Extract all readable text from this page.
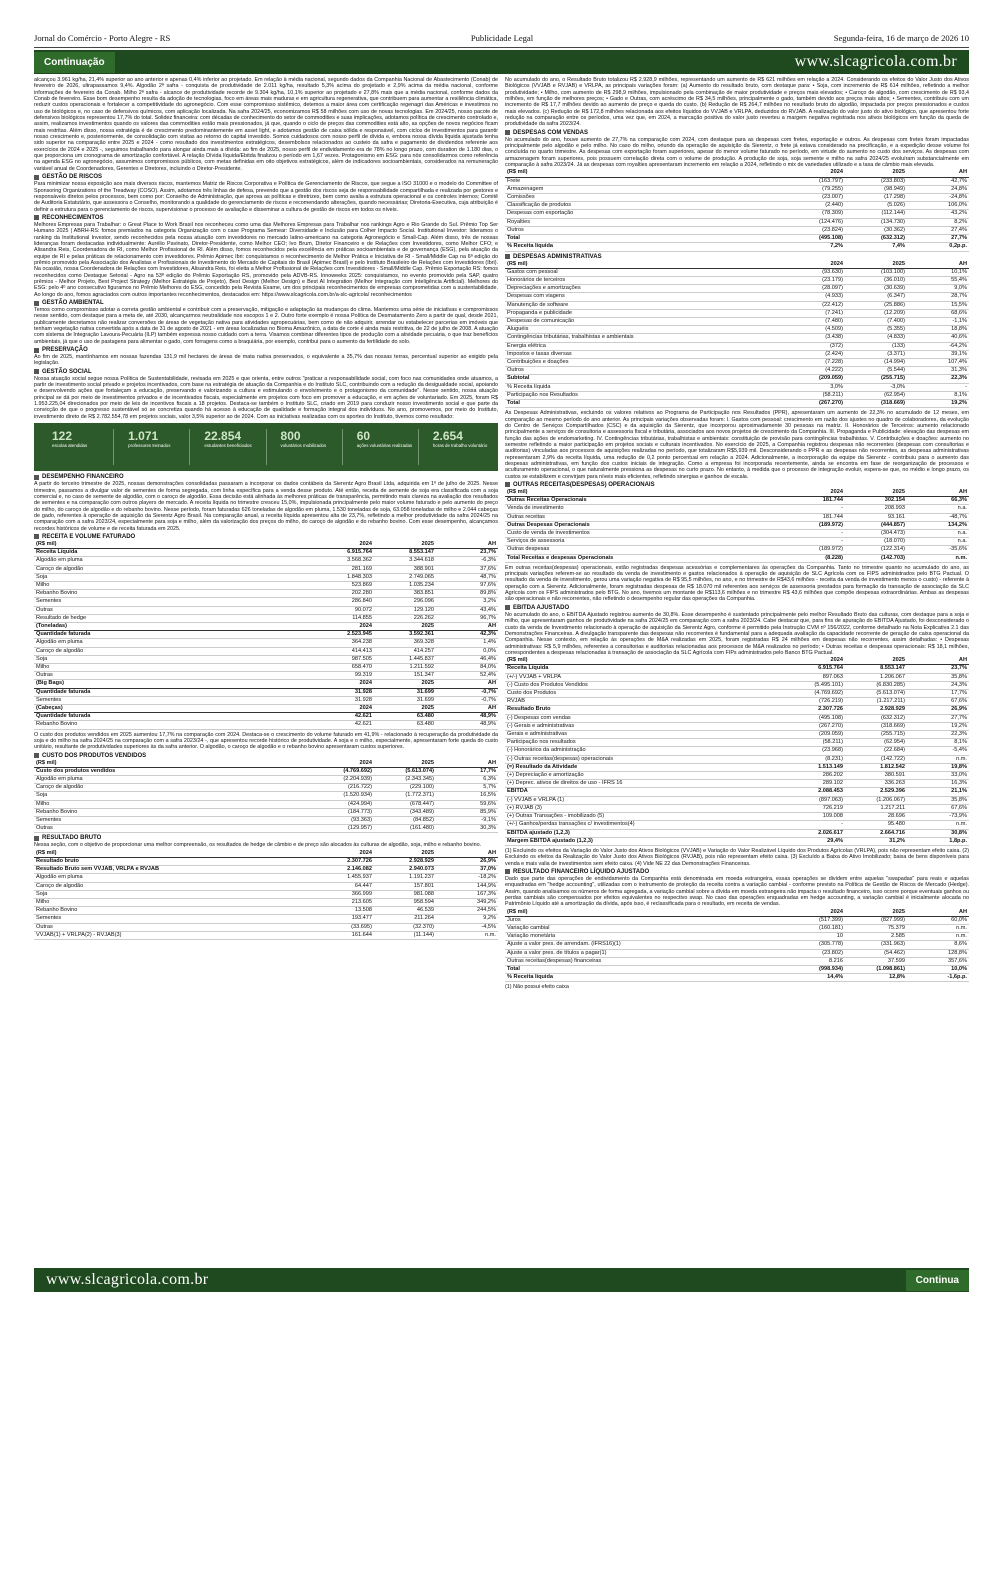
Jornal do Comércio - Porto Alegre - RS	Publicidade Legal	Segunda-feira, 16 de março de 2026 10
Continuação	www.slcagricola.com.br

alcançou 3.961 kg/ha, 21,4% superior ao ano anterior e apenas 0,4% inferior ao projetado. Em relação à média nacional, segundo dados da Companhia Nacional de Abastecimento (Conab) de fevereiro de 2026, ultrapassamos 9,4%. Algodão 2ª safra - conquista de produtividade de 2.011 kg/ha, resultado 5,3% acima do projetado e 2,9% acima da média nacional, conforme informações de fevereiro da Conab. Milho 2ª safra - alcance de produtividade recorde de 9.304 kg/ha, 10,1% superior ao projetado e 27,8% mais que a média nacional, conforme dados da Conab de fevereiro. Esse bom desempenho resulta da adoção de tecnologias, foco em áreas mais maduras e em agricultura regenerativa, que contribuem para aumentar a resiliência climática, reduzir custos operacionais e fortalecer a competitividade do agronegócio. Com esse compromisso sistêmico, detemos a maior área com certificação regenagri das Américas e investimos no uso de biológicos e, no caso de defensivos químicos, com aplicação localizada. Na safra 2024/25, economizamos R$ 58 milhões com uso de novas tecnologias. Em 2024/25, nosso pacote de defensivos biológicos representou 17,7% do total. Solidez financeira: com décadas de conhecimento do setor de commodities e suas implicações, adotamos política de crescimento controlado e, assim, realizamos investimentos quando os valores das commodities estão mais pressionados, já que, quando o ciclo de preços das commodities está alto, as opções de novos negócios ficam mais restritas. Além disso, nossa estratégia é de crescimento predominantemente em asset light, e adotamos gestão de caixa sólida e responsável, com ciclos de investimentos para garantir nosso crescimento e, posteriormente, de consolidação com visitas ao retorno do capital investido. Somos cuidadosos com nosso perfil de dívida e, embora nossa dívida líquida ajustada tenha sido superior na comparação entre 2025 e 2024 - como resultado dos investimentos estratégicos, desembolsos relacionados ao custeio da safra e pagamento de dividendos referente aos exercícios de 2024 e 2025 -, seguimos trabalhando para alongar ainda mais a dívida: ao fim de 2025, nosso perfil de endividamento era de 78% no longo prazo, com duration de 1.180 dias, o que proporciona um cronograma de amortização confortável. A relação Dívida líquida/Ebitda finalizou o período em 1,67 vezes. Protagonismo em ESG: para nós consolidarmos como referência na agenda ESG no agronegócio, assumimos compromissos públicos, com metas definidas em oito objetivos estratégicos, além de indicadores socioambientais, considerados na remuneração variável anual de Coordenadores, Gerentes e Diretores, incluindo o Diretor-Presidente.

GESTÃO DE RISCOS

Para minimizar nossa exposição aos mais diversos riscos, mantemos Matriz de Riscos Corporativa e Política de Gerenciamento de Riscos, que segue a ISO 31000 e o modelo do Committee of Sponsoring Organizations of the Treadway (COSO). Assim, adotamos três linhas de defesa, prevendo que a gestão dos riscos seja de responsabilidade compartilhada e realizada por gestores e responsáveis diretos pelos processos, bem como por: Conselho de Administração, que aprova as políticas e diretrizes, bem como avalia a estrutura operacional e os controles internos; Comitê de Auditoria Estatutário, que assessora o Conselho, monitorando a qualidade do gerenciamento de riscos e recomendando alterações, quando necessárias; Diretoria-Executiva, cuja atribuição é definir a estrutura para o gerenciamento de riscos, supervisionar o processo de avaliação e disseminar a cultura de gestão de riscos em todos os níveis.

RECONHECIMENTOS

Melhores Empresas para Trabalhar: o Great Place to Work Brasil nos reconheceu como uma das Melhores Empresas para Trabalhar nos rankings Agro e Rio Grande do Sul. Prêmio Top Ser Humano 2025 | ABRH-RS: fomos premiados na categoria Organização com o case Programa Semear: Diversidade e Inclusão para Colher Impacto Social. Institutional Investor: lideramos o ranking da Institutional Investor, sendo reconhecidos pela nossa atuação com investidores no mercado latino-americano na categoria Agronegócio e Small-Cap. Além disso, três de nossas lideranças foram destacadas individualmente: Aurélio Pavinato, Diretor-Presidente, como Melhor CEO; Ivo Brum, Diretor Financeiro e de Relações com Investidores, como Melhor CFO; e Alisandra Reis, Coordenadora de RI, como Melhor Profissional de RI. Além disso, fomos reconhecidos pela excelência em práticas socioambientais e de governança (ESG), pela atuação da equipe de RI e pelas práticas de relacionamento com investidores. Prêmio Apimec Ibri: conquistamos o reconhecimento de Melhor Prática e Iniciativa de RI - Small/Middle Cap na 6ª edição do prêmio promovido pela Associação dos Analistas e Profissionais de Investimento do Mercado de Capitais do Brasil (Apimec Brasil) e pelo Instituto Brasileiro de Relações com Investidores (Ibri). Na ocasião, nossa Coordenadora de Relações com Investidores, Alisandra Reis, foi eleita a Melhor Profissional de Relações com Investidores - Small/Middle Cap. Prêmio Exportação RS: fomos reconhecidos como Destaque Setorial - Agro na 53ª edição do Prêmio Exportação RS, promovido pela ADVB-RS. Innoweeks 2025: conquistamos, no evento promovido pela SAP, quatro prêmios - Melhor Projeto, Best Project Strategy (Melhor Estratégia de Projeto), Best Design (Melhor Design) e Best AI Integration (Melhor Integração com Inteligência Artificial). Melhores do ESG: pelo 4º ano consecutivo figuramos no Prêmio Melhores do ESG, concedido pela Revista Exame, um dos principais reconhecimentos de empresas comprometidas com a sustentabilidade. Ao longo do ano, fomos agraciados com outros importantes reconhecimentos, destacados em: https://www.slcagricola.com.br/a-slc-agricola/ reconhecimentos

GESTÃO AMBIENTAL

Temos como compromisso adotar a correta gestão ambiental e contribuir com a preservação, mitigação e adaptação às mudanças do clima. Mantemos uma série de iniciativas e compromissos nesse sentido, com destaque para a meta de, até 2030, alcançarmos neutralidade nos escopos 1 e 2. Outro forte exemplo é nossa Política de Desmatamento Zero a partir de qual, desde 2021, publicamente decretamos não realizar conversões de áreas de vegetação nativa para atividades agropecuárias, bem como de não adquirir, arrendar ou estabelecer parcerias em imóveis que tenham vegetação nativa convertida após a data de 31 de agosto de 2021 - em áreas localizadas no Bioma Amazônico, a data de corte é ainda mais restritiva, de 22 de julho de 2008. A atuação com sistema de Integração Lavoura-Pecuária (ILP) também expressa nosso cuidado com a terra. Visamos combinar diferentes tipos de produção com a atividade pecuária, o que traz benefícios ambientais, já que o uso de pastagens para alimentar o gado, com forragens como a braquiária, por exemplo, contribui para o aumento da fertilidade do solo.

PRESERVAÇÃO

Ao fim de 2025, mantínhamos em nossas fazendas 131,9 mil hectares de áreas de mata nativa preservados, o equivalente a 35,7% das nossas terras, percentual superior ao exigido pela legislação.

GESTÃO SOCIAL

Nossa atuação social segue nossa Política de Sustentabilidade, revisada em 2025 e que orienta, entre outros "praticar a responsabilidade social, com foco nas comunidades onde atuamos, a partir de investimento social privado e projetos incentivados, com base na estratégia de atuação da Companhia e do Instituto SLC, contribuindo com a redução da desigualdade social, apoiando e desenvolvendo ações que fortaleçam a educação, preservando e valorizando a cultura e estimulando o envolvimento e o protagonismo da comunidade". Nesse sentido, nossa atuação principal se dá por meio de investimentos privados e de incentivados fiscais, especialmente em projetos com foco em promover a educação, e em ações de voluntariado. Em 2025, foram R$ 1.953.225,04 direcionados por meio de leis de incentivos fiscais a 18 projetos. Destaca-se também o Instituto SLC, criado em 2019 para conduzir nosso investimento social e que parte da convicção de que o progresso sustentável só se concretiza quando há acesso à educação de qualidade e formação integral dos indivíduos. No ano, promovemos, por meio do Instituto, investimento direto de R$ 2.782.554,78 em projetos sociais, valor 3,5% superior ao de 2024. Com as iniciativas realizadas com os aportes do Instituto, tivemos como resultado:

122
escolas atendidas
1.071
professores treinados
22.854
estudantes beneficiados
800
voluntários mobilizados
60
ações voluntárias realizadas
2.654
horas de trabalho voluntário
DESEMPENHO FINANCEIRO

A partir do terceiro trimestre de 2025, nossas demonstrações consolidadas passaram a incorporar os dados contábeis da Sierentz Agro Brasil Ltda, adquirida em 1º de julho de 2025. Nesse trimestre, passamos a divulgar valor de sementes de forma segregada, com linha específica para a venda desse produto. Até então, receita de semente de soja era classificada com a soja comercial e, no caso de semente de algodão, com o caroço de algodão. Essa decisão está alinhada às melhores práticas de transparência, permitindo mais clareza na avaliação dos resultados de sementes e na comparação com outros players de mercado. A receita líquida no trimestre cresceu 15,0%, impulsionada principalmente pelo maior volume faturado e pelo aumento do preço do milho, do caroço de algodão e do rebanho bovino. Nesse período, foram faturadas 626 toneladas de algodão em pluma, 1.530 toneladas de soja, 63.058 toneladas de milho e 2.044 cabeças de gado, referentes à operação de aquisição da Sierentz Agro Brasil. Na comparação anual, a receita líquida apresentou alta de 23,7%, refletindo a melhor produtividade da safra 2024/25 na comparação com a safra 2023/24, especialmente para soja e milho, além da valorização dos preços do milho, do caroço de algodão e do rebanho bovino. Com esse desempenho, alcançamos recordes históricos de volume e de receita faturada em 2025.

RECEITA E VOLUME FATURADO
(R$ mil)	2024	2025	AH
Receita Líquida	6.915.764	8.553.147	23,7%
Algodão em pluma	3.568.362	3.344.618	-6,3%
Caroço de algodão	281.169	388.901	37,6%
Soja	1.848.303	2.749.065	48,7%
Milho	523.869	1.035.234	97,6%
Rebanho Bovino	202.280	383.851	89,8%
Sementes	286.840	296.096	3,2%
Outras	90.072	129.120	43,4%
Resultado de hedge	114.855	226.262	96,7%
(Toneladas)	2024	2025	AH
Quantidade faturada	2.523.945	3.592.361	42,3%
Algodão em pluma	364.238	369.328	1,4%
Caroço de algodão	414.413	414.257	0,0%
Soja	987.505	1.445.837	46,4%
Milho	658.470	1.211.592	84,0%
Outras	99.319	151.347	52,4%
(Big Bags)	2024	2025	AH
Quantidade faturada	31.928	31.699	-0,7%
Sementes	31.928	31.699	-0,7%
(Cabeças)	2024	2025	AH
Quantidade faturada	42.621	63.480	48,9%
Rebanho Bovino	42.621	63.480	48,9%

O custo dos produtos vendidos em 2025 aumentou 17,7% na comparação com 2024. Destaca-se o crescimento do volume faturado em 41,9% - relacionado à recuperação da produtividade da soja e do milho na safra 2024/25 na comparação com a safra 2023/24 -, que apresentou recorde histórico de produtividade. A soja e o milho, especialmente, apresentaram forte queda do custo unitário, resultante de produtividades superiores às da safra anterior. O algodão, o caroço de algodão e o rebanho bovino apresentaram custos superiores.

CUSTO DOS PRODUTOS VENDIDOS
(R$ mil)	2024	2025	AH
Custo dos produtos vendidos	(4.769.692)	(5.613.074)	17,7%
Algodão em pluma	(2.204.939)	(2.343.345)	6,3%
Caroço de algodão	(216.722)	(229.100)	5,7%
Soja	(1.520.934)	(1.772.371)	16,5%
Milho	(424.994)	(678.447)	59,6%
Rebanho Bovino	(184.773)	(343.489)	85,9%
Sementes	(93.363)	(84.852)	-9,1%
Outras	(129.957)	(161.480)	30,3%
RESULTADO BRUTO

Nessa seção, com o objetivo de proporcionar uma melhor compreensão, os resultados de hedge de câmbio e de preço são alocados às culturas de algodão, soja, milho e rebanho bovino.

(R$ mil)	2024	2025	AH
Resultado bruto	2.307.726	2.928.929	26,9%
Resultado Bruto sem VVJAB, VRLPA e RVJAB	2.146.082	2.940.073	37,0%
Algodão em pluma	1.455.937	1.191.237	-18,2%
Caroço de algodão	64.447	157.801	144,9%
Soja	366.999	981.088	167,3%
Milho	213.605	958.594	349,2%
Rebanho Bovino	13.508	46.539	244,5%
Sementes	193.477	211.264	9,2%
Outras	(33.695)	(32.370)	-4,5%
VVJAB(1) + VRLPA(2) - RVJAB(3)	161.644	(11.144)	n.m.

No acumulado do ano, o Resultado Bruto totalizou R$ 2.928,9 milhões, representando um aumento de R$ 621 milhões em relação a 2024. Considerando os efeitos do Valor Justo dos Ativos Biológicos (VVJAB e RVJAB) e VRLPA, as principais variações foram: (a) Aumento do resultado bruto, com destaque para: • Soja, com incremento de R$ 614 milhões, refletindo a melhor produtividade; • Milho, com aumento de R$ 298,9 milhões, impulsionado pela combinação de maior produtividade e preços mais elevados; • Caroço de algodão, com crescimento de R$ 93,4 milhões, em função de melhores preços; • Gado e Outras, com acréscimo de R$ 34,5 milhões, principalmente o gado, também devido aos preços mais altos; • Sementes, contribuiu com um incremento de R$ 17,7 milhões devido ao aumento de preço e queda do custo. (b) Redução de R$ 264,7 milhões no resultado bruto do algodão, impactada por preços pressionados e custos mais elevados. (c) Redução de R$ 172,8 milhões relacionada aos efeitos líquidos do VVJAB e VRLPA, deduzidos do RVJAB. A realização do valor justo do ativo biológico, que apresentou forte redução na comparação entre os períodos, uma vez que, em 2024, a marcação positiva do valor justo reverteu a margem negativa registrada nos ativos biológicos em função da queda de produtividade da safra 2023/24.

DESPESAS COM VENDAS

No acumulado do ano, houve aumento de 27,7% na comparação com 2024, com destaque para as despesas com fretes, exportação e outros. As despesas com fretes foram impactadas principalmente pelo algodão e pelo milho. No caso do milho, oriundo da operação de aquisição da Sierentz, o frete já estava considerado na precificação, e a expedição desse volume foi concluída no quarto trimestre. As despesas com exportação foram superiores, apesar do menor volume faturado no período, em virtude do aumento no custo dos serviços. As despesas com armazenagem foram superiores, pois possuem correlação direta com o volume de produção. A produção de soja, soja semente e milho na safra 2024/25 evoluíram substancialmente em comparação à safra 2023/24. Já as despesas com royalties apresentaram incremento em relação a 2024, refletindo o mix de variedades utilizado e a taxa de câmbio mais elevada.

(R$ mil)	2024	2025	AH
Frete	(163.797)	(233.803)	42,7%
Armazenagem	(79.255)	(98.949)	24,8%
Comissões	(23.007)	(17.298)	-24,8%
Classificação de produtos	(2.440)	(5.026)	106,0%
Despesas com exportação	(78.309)	(112.144)	43,2%
Royalties	(124.476)	(134.730)	8,2%
Outros	(23.824)	(30.362)	27,4%
Total	(495.108)	(632.312)	27,7%
% Receita líquida	7,2%	7,4%	0,2p.p.
DESPESAS ADMINISTRATIVAS
(R$ mil)	2024	2025	AH
Gastos com pessoal	(93.630)	(103.100)	10,1%
Honorários de terceiros	(23.179)	(36.010)	55,4%
Depreciações e amortizações	(28.097)	(30.639)	9,0%
Despesas com viagens	(4.933)	(6.347)	28,7%
Manutenção de software	(22.412)	(25.886)	15,5%
Propaganda e publicidade	(7.241)	(12.209)	68,6%
Despesas de comunicação	(7.480)	(7.400)	-1,1%
Aluguéis	(4.509)	(5.355)	18,8%
Contingências tributárias, trabalhistas e ambientais	(3.438)	(4.833)	40,6%
Energia elétrica	(372)	(133)	-64,2%
Impostos e taxas diversas	(2.424)	(3.371)	39,1%
Contribuições e doações	(7.228)	(14.994)	107,4%
Outros	(4.222)	(5.544)	31,3%
Subtotal	(209.059)	(255.715)	22,3%
% Receita líquida	3,0%	-3,0%	-
Participação nos Resultados	(58.211)	(62.954)	8,1%
Total	(267.270)	(318.669)	19,2%

As Despesas Administrativas, excluindo os valores relativos ao Programa de Participação nos Resultados (PPR), apresentaram um aumento de 22,3% no acumulado de 12 meses, em comparação ao mesmo período do ano anterior. As principais variações observadas foram: I. Gastos com pessoal: crescimento em razão dos ajustes no quadro de colaboradores, da evolução do Centro de Serviços Compartilhados (CSC) e da aquisição da Sierentz, que incorporou aproximadamente 30 pessoas na matriz. II. Honorários de Terceiros: aumento relacionado principalmente a serviços de consultoria e assessoria fiscal e tributária, associados aos novos projetos de crescimento da Companhia. III. Propaganda e Publicidade: elevação das despesas em função das ações de endomarketing. IV. Contingências tributárias, trabalhistas e ambientais: constituição de provisão para contingências trabalhistas. V. Contribuições e doações: aumento no semestre refletindo a maior participação em projetos sociais e culturais incentivados. No exercício de 2025, a Companhia registrou despesas não recorrentes (despesas com consultorias e auditorias) vinculadas aos processos de aquisições realizadas no período, que totalizaram R$5,939 mil. Desconsiderando o PPR e as despesas não recorrentes, as despesas administrativas representaram 2,9% da receita líquida, uma redução de 0,2 ponto percentual em relação a 2024. Adicionalmente, a incorporação da equipe da Sierentz - contribuiu para o aumento das despesas administrativas, em função dos custos iniciais de integração. Como a empresa foi incorporada recentemente, ainda se encontra em fase de reorganização de processos e aculturamento operacional, o que naturalmente pressiona as despesas no curto prazo. No entanto, à medida que o processo de integração evoluir, espera-se que, no médio e longo prazo, os custos se estabilizem e convirjam para níveis mais eficientes, refletindo sinergias e ganhos de escala.

OUTRAS RECEITAS(DESPESAS) OPERACIONAIS
(R$ mil)	2024	2025	AH
Outras Receitas Operacionais	181.744	302.154	66,3%
Venda de investimento	-	208.993	n.a.
Outras receitas	181.744	93.161	-48,7%
Outras Despesas Operacionais	(189.972)	(444.857)	134,2%
Custo de venda de investimentos	-	(304.473)	n.a.
Serviços de assessoria	-	(18.070)	n.a.
Outras despesas	(189.972)	(122.314)	-35,6%
Total Receitas e despesas Operacionais	(8.228)	(142.703)	n.m.

Em outras receitas(despesas) operacionais, estão registradas despesas acessórias e complementares às operações da Companhia. Tanto no trimestre quanto no acumulado do ano, as principais variações referem-se ao resultado da venda de investimento e gastos relacionados à operação de aquisição de SLC Agrícola com os FIPS administrados pelo BTG Pactual. O resultado da venda de investimento, gerou uma variação negativa de R$ 95,5 milhões, no ano, e no trimestre de R$43,6 milhões - receita da venda de investimento menos o custo) - referente à operação com a Sierentz. Adicionalmente, foram registradas despesas de R$ 18.070 mil referentes aos serviços de assessoria prestados para formação da transação de associação da SLC Agrícola com os FIPS administrados pelo BTG. No ano, tivemos um montante de R$113,6 milhões e no trimestre R$ 43,6 milhões que compõe despesas extraordinárias. Ambas as despesas são operacionais e não recorrentes, não refletindo o desempenho regular das operações da Companhia.

EBITDA AJUSTADO

No acumulado do ano, o EBITDA Ajustado registrou aumento de 30,8%. Esse desempenho é sustentado principalmente pelo melhor Resultado Bruto das culturas, com destaque para a soja e milho, que apresentaram ganhos de produtividade na safra 2024/25 em comparação com a safra 2023/24. Cabe destacar que, para fins de apuração do EBITDA Ajustado, foi desconsiderado o custo da venda de Investimento relacionado à operação de aquisição da Sierentz Agro, conforme é permitido pela Instrução CVM nº 156/2022, conforme detalhado na Nota Explicativa 2.1 das Demonstrações Financeiras. A divulgação transparente das despesas não recorrentes é fundamental para a adequada avaliação da capacidade recorrente de geração de caixa operacional da Companhia. Nesse contexto, em relação às operações de M&A realizadas em 2025, foram registradas R$ 24 milhões em despesas não recorrentes, assim detalhadas: • Despesas administrativas: R$ 5,9 milhões, referentes a consultorias e auditorias relacionadas aos processos de M&A realizados no período; • Outras receitas e despesas operacionais: R$ 18,1 milhões, correspondentes a despesas relacionadas à transação de associação da SLC Agrícola com FIPs administrados pelo Banco BTG Pactual.

(R$ mil)	2024	2025	AH
Receita Líquida	6.915.764	8.553.147	23,7%
(+/-) VVJAB + VRLPA	897.063	1.206.067	35,8%
(-) Custo dos Produtos Vendidos	(5.495.101)	(6.830.285)	24,3%
Custo dos Produtos	(4.769.692)	(5.613.074)	17,7%
RVJAB	(726.219)	(1.217.211)	67,6%
Resultado Bruto	2.307.726	2.928.929	26,9%
(-) Despesas com vendas	(495.108)	(632.312)	27,7%
(-) Gerais e administrativas	(267.270)	(318.669)	19,2%
Gerais e administrativas	(209.059)	(255.715)	22,3%
Participação nos resultados	(58.211)	(62.954)	8,1%
(-) Honorários da administração	(23.968)	(22.684)	-5,4%
(-) Outras receitas(despesas) operacionais	(8.231)	(142.722)	n.m.
(=) Resultado da Atividade	1.513.149	1.812.542	19,8%
(+) Depreciação e amortização	286.202	380.591	33,0%
(+) Deprec. ativos de direitos de uso - IFRS 16	289.102	336.263	16,3%
EBITDA	2.088.453	2.529.396	21,1%
(-) VVJAB e VRLPA (1)	(897.063)	(1.206.067)	35,8%
(+) RVJAB (3)	726.219	1.217.211	67,6%
(+) Outras Transações - imobilizado (5)	109.008	28.696	-73,9%
(+/-) Ganhos/perdas transações c/ investimentos(4)	-	95.480	n.m.
EBITDA ajustado (1,2,3)	2.026.617	2.664.716	30,8%
Margem EBITDA ajustado (1,2,3)	29,4%	31,2%	1,8p.p.

(1) Excluindo os efeitos da Variação do Valor Justo dos Ativos Biológicos (VVJAB) e Variação do Valor Realizável Líquido dos Produtos Agrícolas (VRLPA), pois não representam efeito caixa. (2) Excluindo os efeitos da Realização do Valor Justo dos Ativos Biológicos (RVJAB), pois não representam efeito caixa. (3) Excluído a Baixa do Ativo Imobilizado; baixa de bens disponíveis para venda e mais valia de investimentos sem efeito caixa. (4) Vide NE 22 das Demonstrações Financeiras.

RESULTADO FINANCEIRO LÍQUIDO AJUSTADO

Dado que parte das operações de endividamento da Companhia está denominada em moeda estrangeira, essas operações se dividem entre aquelas "swapadas" para reais e aquelas enquadradas em "hedge accounting", utilizadas com o instrumento de proteção da receita contra a variação cambial - conforme previsto na Política de Gestão de Riscos de Mercado (Hedge). Assim, quando analisamos os números de forma agregada, a variação cambial sobre a dívida em moeda estrangeira não impacta o resultado financeiro, isso ocorre porque eventuais ganhos ou perdas cambiais são compensados por efeitos equivalentes no respectivo swap. No caso das operações enquadradas em hedge accounting, a variação cambial é inicialmente alocada no Patrimônio Líquido até a amortização da dívida, após isso, é reclassificada para o resultado, em receita de vendas.

(R$ mil)	2024	2025	AH
Juros	(517.399)	(827.999)	60,0%
Variação cambial	(160.181)	75.379	n.m.
Variação monetária	10	2.585	n.m.
Ajuste a valor pres. de arrendam. (IFRS16)(1)	(305.778)	(331.963)	8,6%
Ajuste a valor pres. de títulos a pagar(1)	(23.802)	(54.462)	128,8%
Outras receitas(despesas) financeiras	8.216	37.599	357,6%
Total	(998.934)	(1.098.861)	10,0%
% Receita líquida	14,4%	12,8%	-1,6p.p.

(1) Não possui efeito caixa

www.slcagricola.com.br	Continua
